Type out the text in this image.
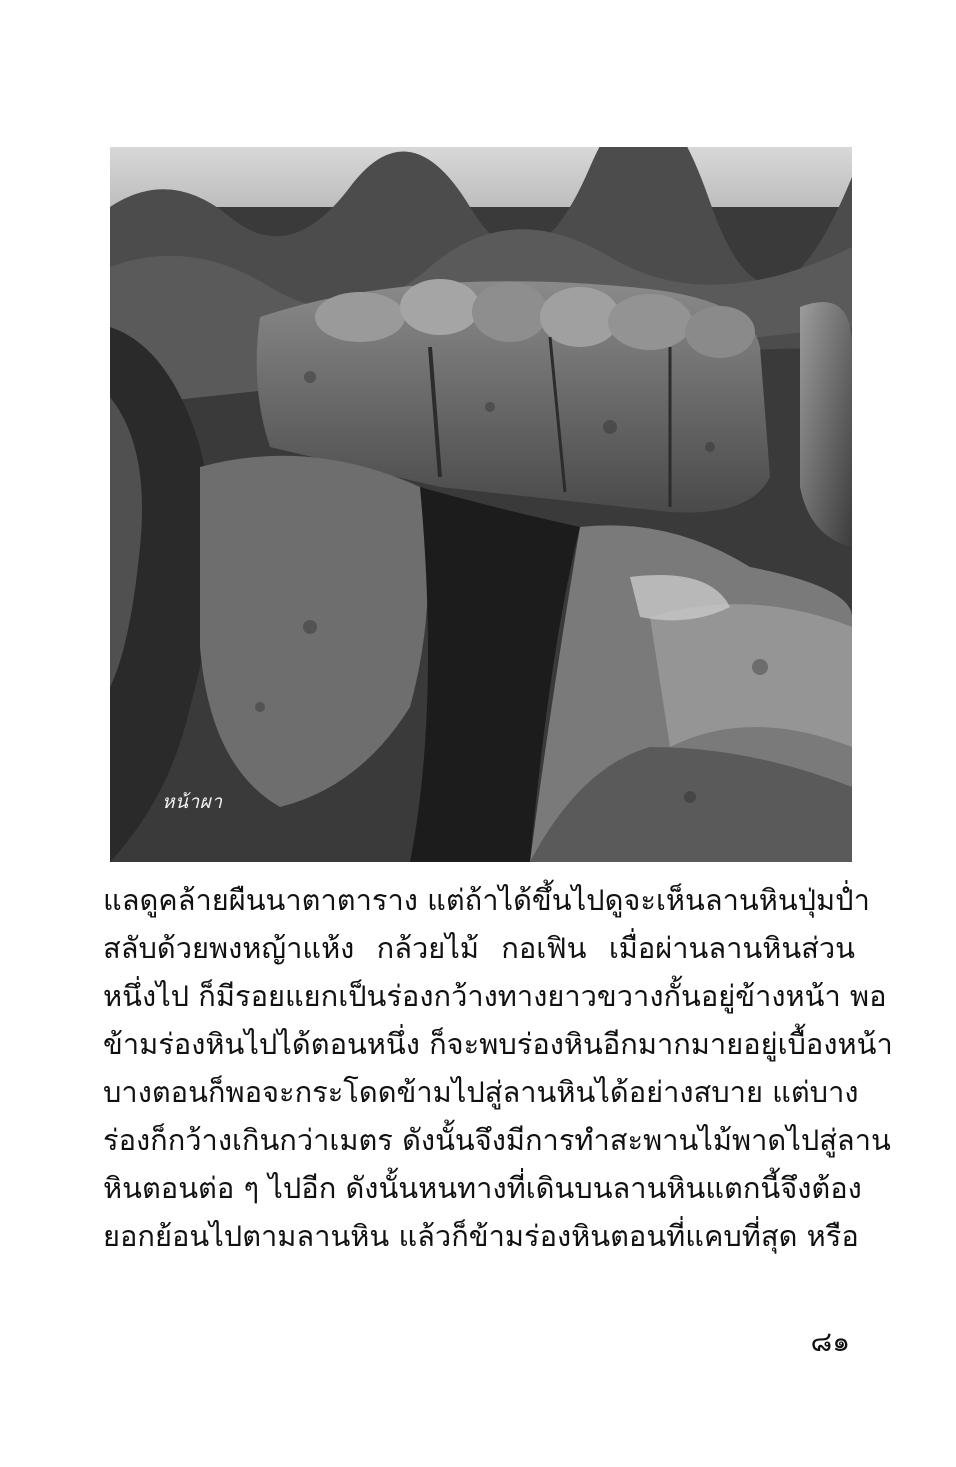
หน้าผา
แลดูคล้ายผืนนาตาตาราง แต่ถ้าได้ขึ้นไปดูจะเห็นลานหินปุ่มป่ำ
สลับด้วยพงหญ้าแห้ง กล้วยไม้ กอเฟิน เมื่อผ่านลานหินส่วน
หนึ่งไป ก็มีรอยแยกเป็นร่องกว้างทางยาวขวางกั้นอยู่ข้างหน้า พอ
ข้ามร่องหินไปได้ตอนหนึ่ง ก็จะพบร่องหินอีกมากมายอยู่เบื้องหน้า
บางตอนก็พอจะกระโดดข้ามไปสู่ลานหินได้อย่างสบาย แต่บาง
ร่องก็กว้างเกินกว่าเมตร ดังนั้นจึงมีการทำสะพานไม้พาดไปสู่ลาน
หินตอนต่อ ๆ ไปอีก ดังนั้นหนทางที่เดินบนลานหินแตกนี้จึงต้อง
ยอกย้อนไปตามลานหิน แล้วก็ข้ามร่องหินตอนที่แคบที่สุด หรือ
๘๑
